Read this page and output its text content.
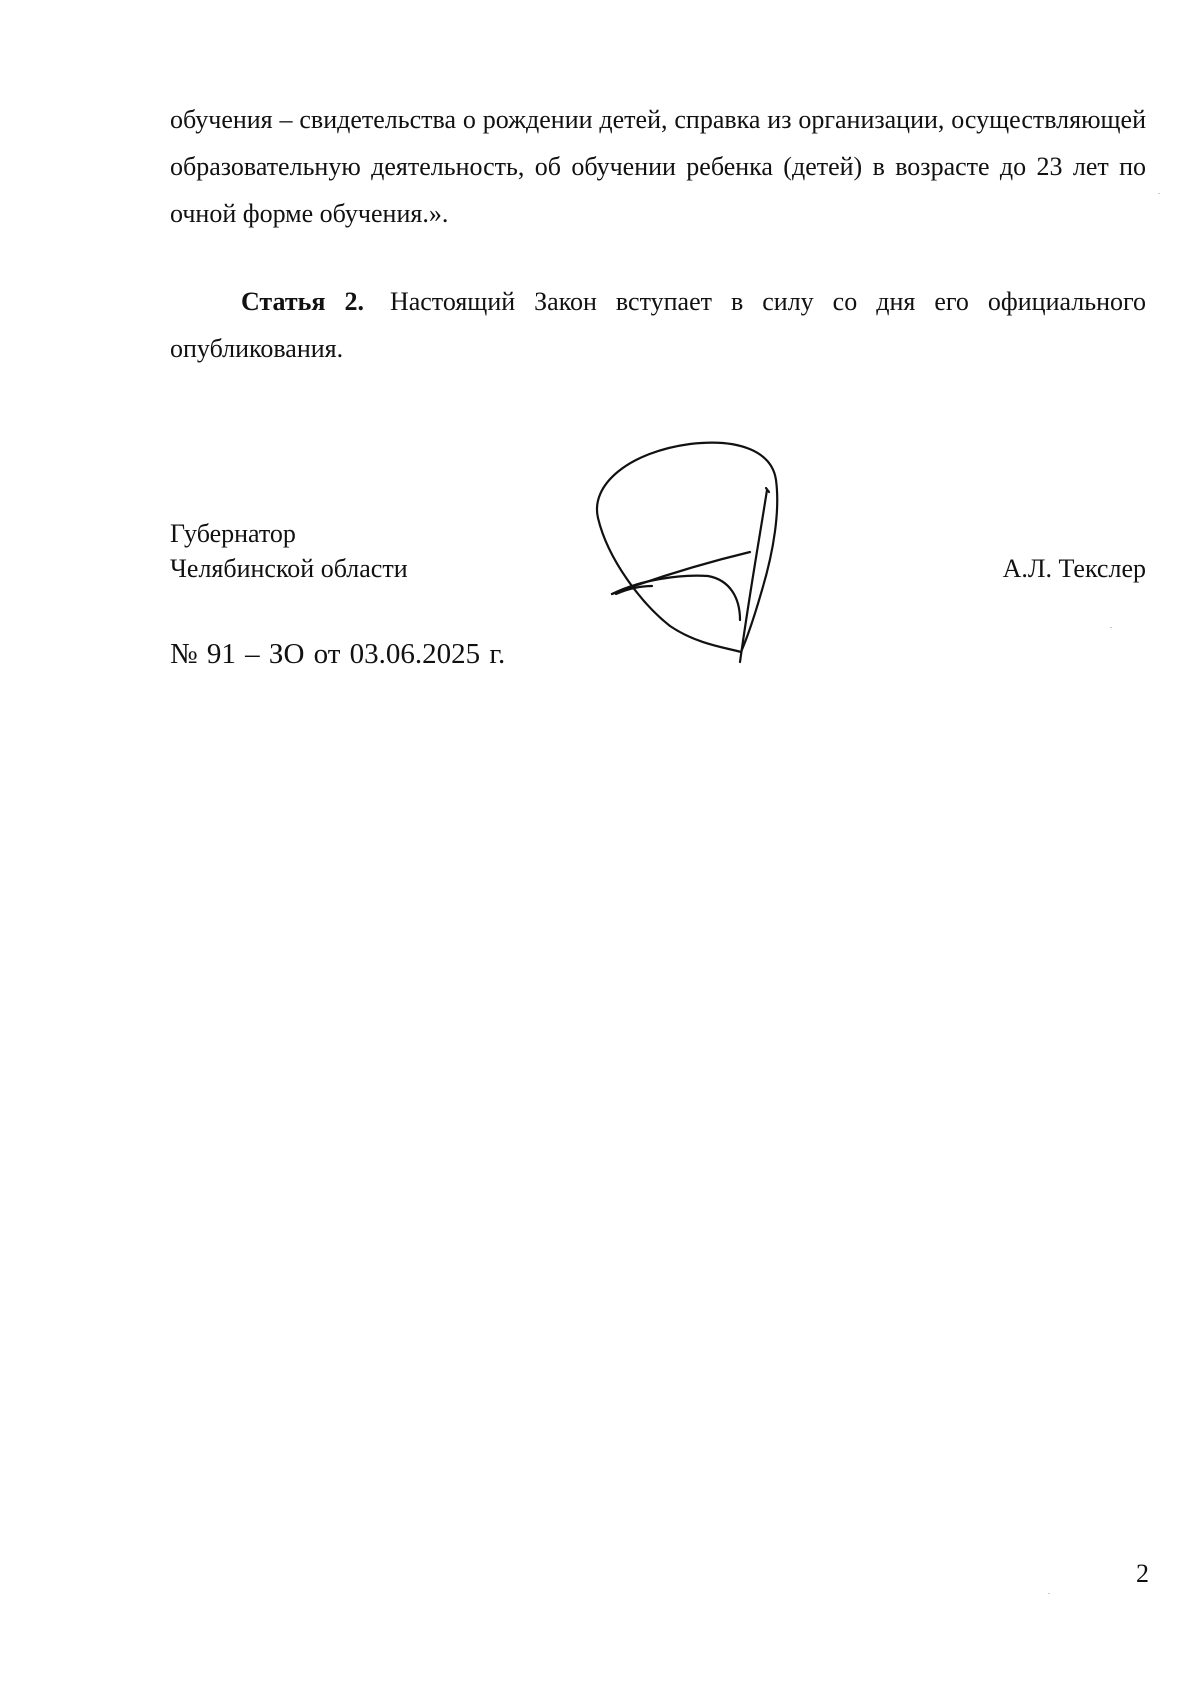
обучения – свидетельства о рождении детей, справка из организации, осуществляющей образовательную деятельность, об обучении ребенка (детей) в возрасте до 23 лет по очной форме обучения.».
Статья 2. Настоящий Закон вступает в силу со дня его официального опубликования.
Губернатор
Челябинской области	А.Л. Текслер
№ 91 – ЗО от 03.06.2025 г.
2
